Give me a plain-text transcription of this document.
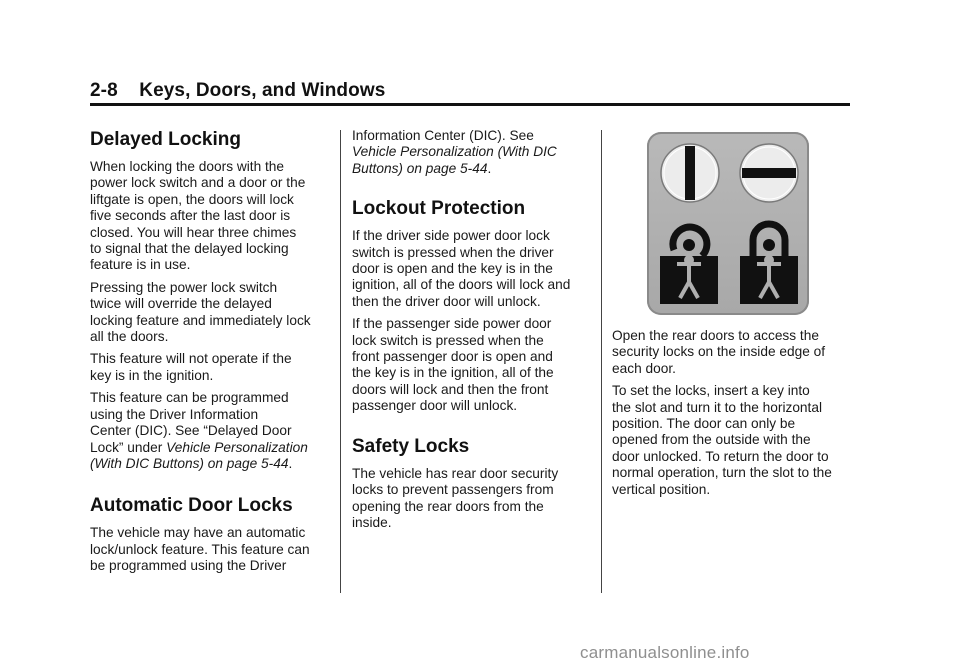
2-8 Keys, Doors, and Windows
Delayed Locking

When locking the doors with the
power lock switch and a door or the
liftgate is open, the doors will lock
five seconds after the last door is
closed. You will hear three chimes
to signal that the delayed locking
feature is in use.

Pressing the power lock switch
twice will override the delayed
locking feature and immediately lock
all the doors.

This feature will not operate if the
key is in the ignition.

This feature can be programmed
using the Driver Information
Center (DIC). See “Delayed Door
Lock” under Vehicle Personalization
(With DIC Buttons) on page 5-44.

Automatic Door Locks

The vehicle may have an automatic
lock/unlock feature. This feature can
be programmed using the Driver

Information Center (DIC). See
Vehicle Personalization (With DIC
Buttons) on page 5-44.

Lockout Protection

If the driver side power door lock
switch is pressed when the driver
door is open and the key is in the
ignition, all of the doors will lock and
then the driver door will unlock.

If the passenger side power door
lock switch is pressed when the
front passenger door is open and
the key is in the ignition, all of the
doors will lock and then the front
passenger door will unlock.

Safety Locks

The vehicle has rear door security
locks to prevent passengers from
opening the rear doors from the
inside.

Open the rear doors to access the
security locks on the inside edge of
each door.

To set the locks, insert a key into
the slot and turn it to the horizontal
position. The door can only be
opened from the outside with the
door unlocked. To return the door to
normal operation, turn the slot to the
vertical position.

carmanualsonline.info
